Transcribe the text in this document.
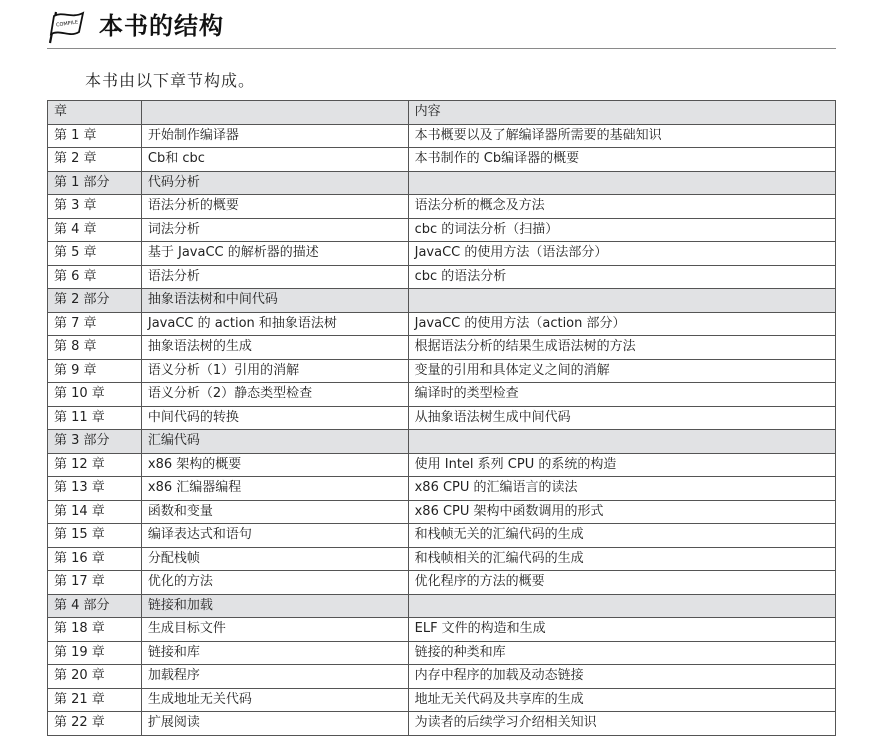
COMPILE 本书的结构
本书由以下章节构成。
章		内容
第 1 章	开始制作编译器	本书概要以及了解编译器所需要的基础知识
第 2 章	Cb和 cbc	本书制作的 Cb编译器的概要
第 1 部分	代码分析	
第 3 章	语法分析的概要	语法分析的概念及方法
第 4 章	词法分析	cbc 的词法分析（扫描）
第 5 章	基于 JavaCC 的解析器的描述	JavaCC 的使用方法（语法部分）
第 6 章	语法分析	cbc 的语法分析
第 2 部分	抽象语法树和中间代码	
第 7 章	JavaCC 的 action 和抽象语法树	JavaCC 的使用方法（action 部分）
第 8 章	抽象语法树的生成	根据语法分析的结果生成语法树的方法
第 9 章	语义分析（1）引用的消解	变量的引用和具体定义之间的消解
第 10 章	语义分析（2）静态类型检查	编译时的类型检查
第 11 章	中间代码的转换	从抽象语法树生成中间代码
第 3 部分	汇编代码	
第 12 章	x86 架构的概要	使用 Intel 系列 CPU 的系统的构造
第 13 章	x86 汇编器编程	x86 CPU 的汇编语言的读法
第 14 章	函数和变量	x86 CPU 架构中函数调用的形式
第 15 章	编译表达式和语句	和栈帧无关的汇编代码的生成
第 16 章	分配栈帧	和栈帧相关的汇编代码的生成
第 17 章	优化的方法	优化程序的方法的概要
第 4 部分	链接和加载	
第 18 章	生成目标文件	ELF 文件的构造和生成
第 19 章	链接和库	链接的种类和库
第 20 章	加载程序	内存中程序的加载及动态链接
第 21 章	生成地址无关代码	地址无关代码及共享库的生成
第 22 章	扩展阅读	为读者的后续学习介绍相关知识
